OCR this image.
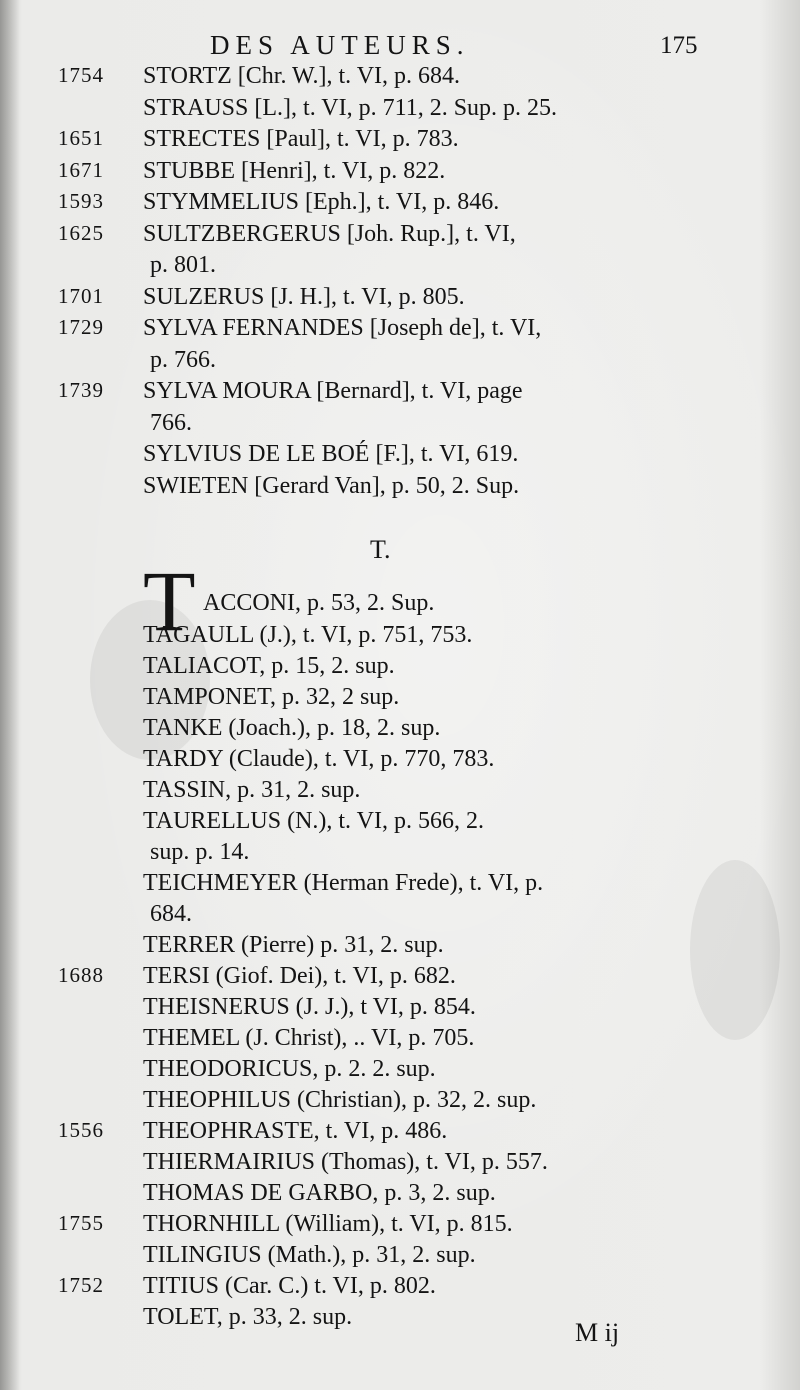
DES AUTEURS.	175
1754	STORTZ [Chr. W.], t. VI, p. 684.
STRAUSS [L.], t. VI, p. 711, 2. Sup. p. 25.
1651	STRECTES [Paul], t. VI, p. 783.
1671	STUBBE [Henri], t. VI, p. 822.
1593	STYMMELIUS [Eph.], t. VI, p. 846.
1625	SULTZBERGERUS [Joh. Rup.], t. VI,
p. 801.
1701	SULZERUS [J. H.], t. VI, p. 805.
1729	SYLVA FERNANDES [Joseph de], t. VI,
p. 766.
1739	SYLVA MOURA [Bernard], t. VI, page
766.
SYLVIUS DE LE BOÉ [F.], t. VI, 619.
SWIETEN [Gerard Van], p. 50, 2. Sup.
T.
T ACCONI, p. 53, 2. Sup.
TAGAULL (J.), t. VI, p. 751, 753.
TALIACOT, p. 15, 2. sup.
TAMPONET, p. 32, 2 sup.
TANKE (Joach.), p. 18, 2. sup.
TARDY (Claude), t. VI, p. 770, 783.
TASSIN, p. 31, 2. sup.
TAURELLUS (N.), t. VI, p. 566, 2.
sup. p. 14.
TEICHMEYER (Herman Frede), t. VI, p.
684.
TERRER (Pierre) p. 31, 2. sup.
1688	TERSI (Giof. Dei), t. VI, p. 682.
THEISNERUS (J. J.), t VI, p. 854.
THEMEL (J. Christ), .. VI, p. 705.
THEODORICUS, p. 2. 2. sup.
THEOPHILUS (Christian), p. 32, 2. sup.
1556	THEOPHRASTE, t. VI, p. 486.
THIERMAIRIUS (Thomas), t. VI, p. 557.
THOMAS DE GARBO, p. 3, 2. sup.
1755	THORNHILL (William), t. VI, p. 815.
TILINGIUS (Math.), p. 31, 2. sup.
1752	TITIUS (Car. C.) t. VI, p. 802.
TOLET, p. 33, 2. sup.
M ij
